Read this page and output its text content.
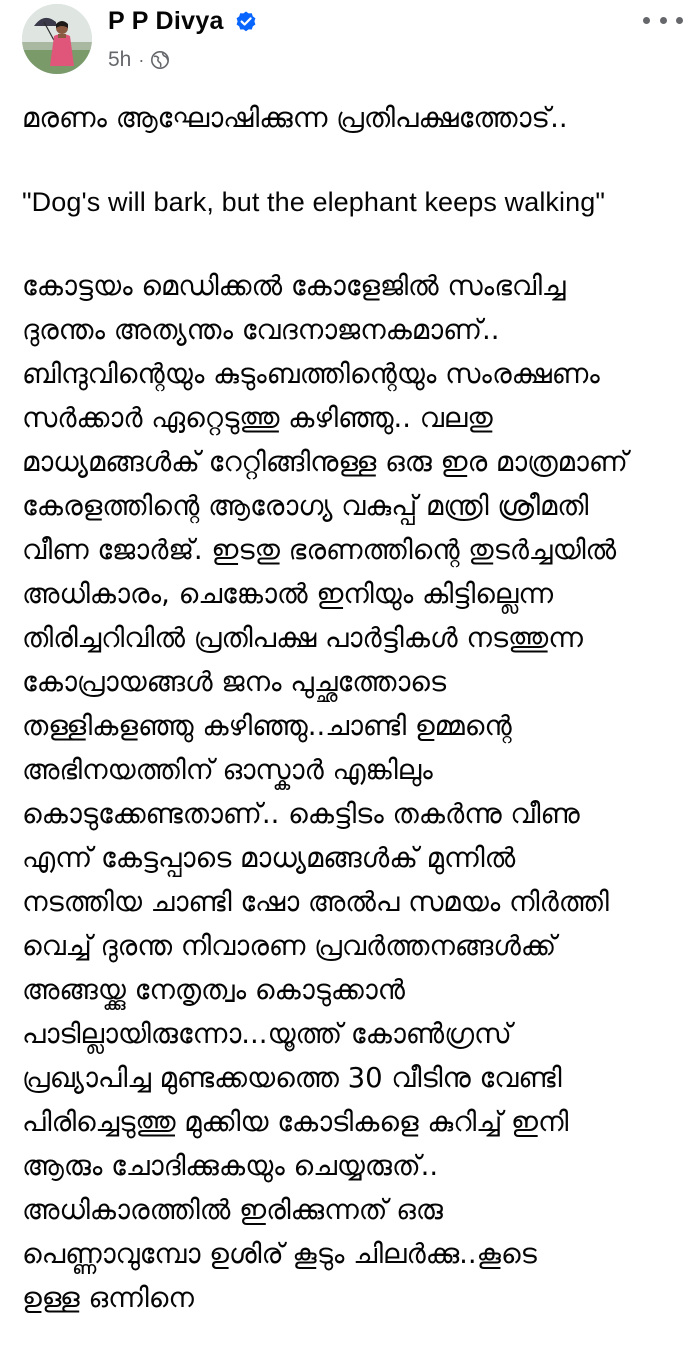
P P Divya
5h ·
മരണം ആഘോഷിക്കുന്ന പ്രതിപക്ഷത്തോട്..
"Dog's will bark, but the elephant keeps walking"
കോട്ടയം മെഡിക്കൽ കോളേജിൽ സംഭവിച്ച
ദുരന്തം അത്യന്തം വേദനാജനകമാണ്..
ബിന്ദുവിന്റെയും കുടുംബത്തിന്റെയും സംരക്ഷണം
സർക്കാർ ഏറ്റെടുത്തു കഴിഞ്ഞു.. വലതു
മാധ്യമങ്ങൾക് റേറ്റിങ്ങിനുള്ള ഒരു ഇര മാത്രമാണ്
കേരളത്തിന്റെ ആരോഗ്യ വകുപ്പ് മന്ത്രി ശ്രീമതി
വീണ ജോർജ്. ഇടതു ഭരണത്തിന്റെ തുടർച്ചയിൽ
അധികാരം, ചെങ്കോൽ ഇനിയും കിട്ടില്ലെന്ന
തിരിച്ചറിവിൽ പ്രതിപക്ഷ പാർട്ടികൾ നടത്തുന്ന
കോപ്രായങ്ങൾ ജനം പുച്ഛത്തോടെ
തള്ളികളഞ്ഞു കഴിഞ്ഞു..ചാണ്ടി ഉമ്മന്റെ
അഭിനയത്തിന് ഓസ്കാർ എങ്കിലും
കൊടുക്കേണ്ടതാണ്.. കെട്ടിടം തകർന്നു വീണു
എന്ന് കേട്ടപ്പാടെ മാധ്യമങ്ങൾക് മുന്നിൽ
നടത്തിയ ചാണ്ടി ഷോ അൽപ സമയം നിർത്തി
വെച്ച് ദുരന്ത നിവാരണ പ്രവർത്തനങ്ങൾക്ക്
അങ്ങയ്ക്കു നേതൃത്വം കൊടുക്കാൻ
പാടില്ലായിരുന്നോ...യൂത്ത് കോൺഗ്രസ്
പ്രഖ്യാപിച്ച മുണ്ടക്കയത്തെ 30 വീടിനു വേണ്ടി
പിരിച്ചെടുത്തു മുക്കിയ കോടികളെ കുറിച്ച് ഇനി
ആരും ചോദിക്കുകയും ചെയ്യരുത്..
അധികാരത്തിൽ ഇരിക്കുന്നത് ഒരു
പെണ്ണാവുമ്പോ ഉശിര് കൂടും ചിലർക്കു..കൂടെ
ഉള്ള ഒന്നിനെ
